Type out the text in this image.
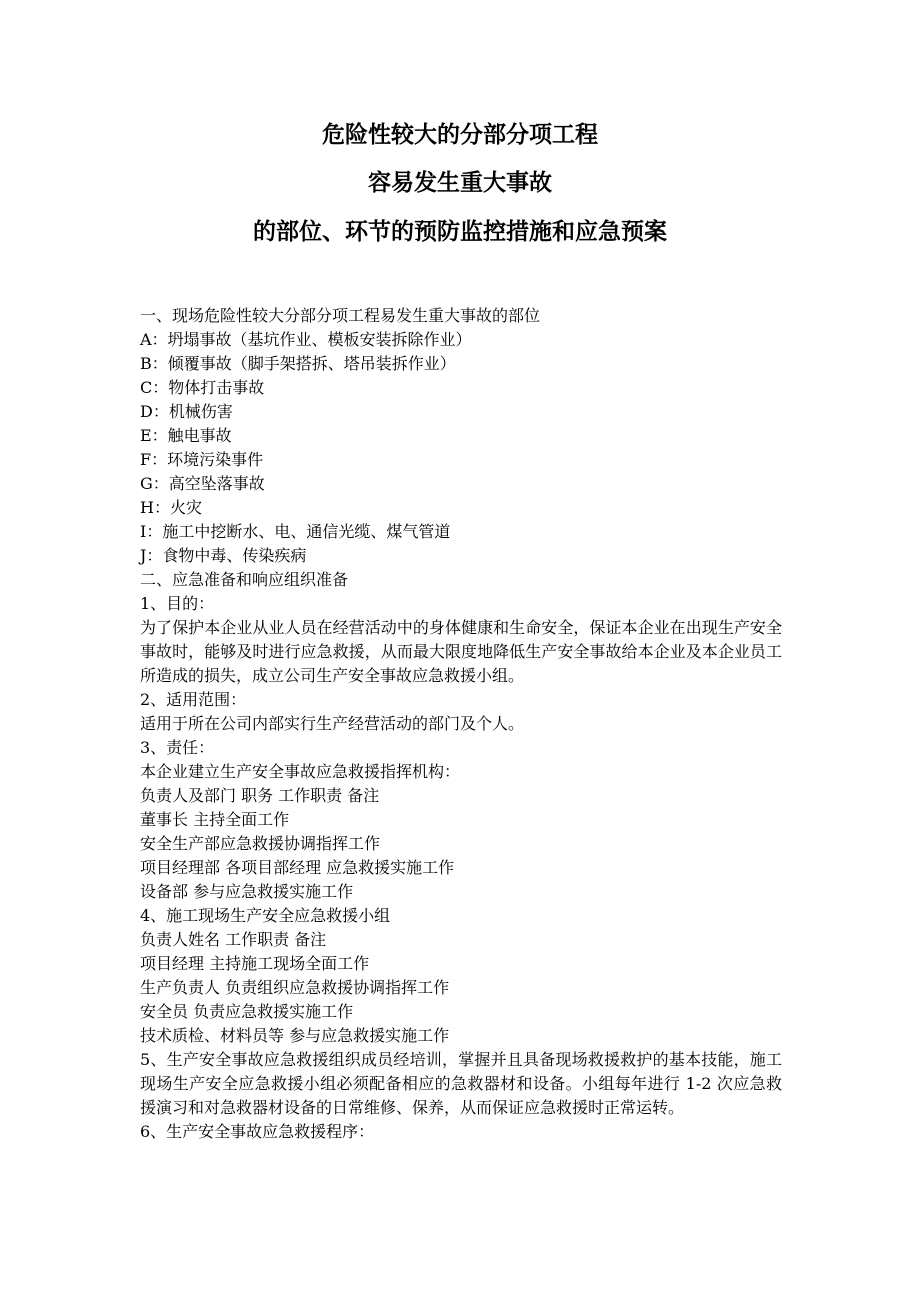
危险性较大的分部分项工程
容易发生重大事故
的部位、环节的预防监控措施和应急预案

一、现场危险性较大分部分项工程易发生重大事故的部位

A：坍塌事故（基坑作业、模板安装拆除作业）

B：倾覆事故（脚手架搭拆、塔吊装拆作业）

C：物体打击事故

D：机械伤害

E：触电事故

F：环境污染事件

G：高空坠落事故

H：火灾

I：施工中挖断水、电、通信光缆、煤气管道

J：食物中毒、传染疾病

二、应急准备和响应组织准备

1、目的：

为了保护本企业从业人员在经营活动中的身体健康和生命安全，保证本企业在出现生产安全事故时，能够及时进行应急救援，从而最大限度地降低生产安全事故给本企业及本企业员工所造成的损失，成立公司生产安全事故应急救援小组。

2、适用范围：

适用于所在公司内部实行生产经营活动的部门及个人。

3、责任：

本企业建立生产安全事故应急救援指挥机构：

负责人及部门 职务 工作职责 备注

董事长 主持全面工作

安全生产部应急救援协调指挥工作

项目经理部 各项目部经理 应急救援实施工作

设备部 参与应急救援实施工作

4、施工现场生产安全应急救援小组

负责人姓名 工作职责 备注

项目经理 主持施工现场全面工作

生产负责人 负责组织应急救援协调指挥工作

安全员 负责应急救援实施工作

技术质检、材料员等 参与应急救援实施工作

5、生产安全事故应急救援组织成员经培训，掌握并且具备现场救援救护的基本技能，施工现场生产安全应急救援小组必须配备相应的急救器材和设备。小组每年进行 1-2 次应急救援演习和对急救器材设备的日常维修、保养，从而保证应急救援时正常运转。

6、生产安全事故应急救援程序：
